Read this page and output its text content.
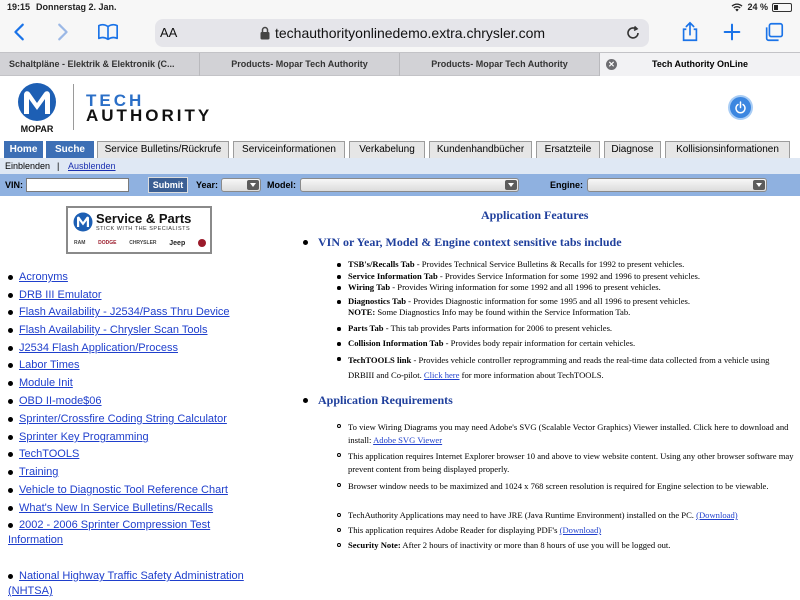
19:15 Donnerstag 2. Jan.	24 %
AA	techauthorityonlinedemo.extra.chrysler.com
Schaltpläne - Elektrik & Elektronik (C...	Products- Mopar Tech Authority	Products- Mopar Tech Authority	✕	Tech Authority OnLine
MOPAR
TECH
AUTHORITY
Home	Suche	Service Bulletins/Rückrufe	Serviceinformationen	Verkabelung	Kundenhandbücher	Ersatzteile	Diagnose	Kollisionsinformationen
Einblenden | Ausblenden
VIN:	Submit	Year:	Model:	Engine:
Service & Parts
STICK WITH THE SPECIALISTS
RAM	DODGE	CHRYSLER Jeep
Acronyms
DRB III Emulator
Flash Availability - J2534/Pass Thru Device
Flash Availability - Chrysler Scan Tools
J2534 Flash Application/Process
Labor Times
Module Init
OBD II-mode$06
Sprinter/Crossfire Coding String Calculator
Sprinter Key Programming
TechTOOLS
Training
Vehicle to Diagnostic Tool Reference Chart
What's New In Service Bulletins/Recalls
2002 - 2006 Sprinter Compression Test
Information
National Highway Traffic Safety Administration
(NHTSA)
Application Features
VIN or Year, Model & Engine context sensitive tabs include
TSB's/Recalls Tab - Provides Technical Service Bulletins & Recalls for 1992 to present vehicles.
Service Information Tab - Provides Service Information for some 1992 and 1996 to present vehicles.
Wiring Tab - Provides Wiring information for some 1992 and all 1996 to present vehicles.
Diagnostics Tab - Provides Diagnostic information for some 1995 and all 1996 to present vehicles.
NOTE: Some Diagnostics Info may be found within the Service Information Tab.
Parts Tab - This tab provides Parts information for 2006 to present vehicles.
Collision Information Tab - Provides body repair information for certain vehicles.
TechTOOLS link - Provides vehicle controller reprogramming and reads the real-time data collected from a vehicle using DRBIII and Co-pilot. Click here for more information about TechTOOLS.
Application Requirements
To view Wiring Diagrams you may need Adobe's SVG (Scalable Vector Graphics) Viewer installed. Click here to download and install: Adobe SVG Viewer
This application requires Internet Explorer browser 10 and above to view website content. Using any other browser software may prevent content from being displayed properly.
Browser window needs to be maximized and 1024 x 768 screen resolution is required for Engine selection to be viewable.
TechAuthority Applications may need to have JRE (Java Runtime Environment) installed on the PC. (Download)
This application requires Adobe Reader for displaying PDF's (Download)
Security Note: After 2 hours of inactivity or more than 8 hours of use you will be logged out.
